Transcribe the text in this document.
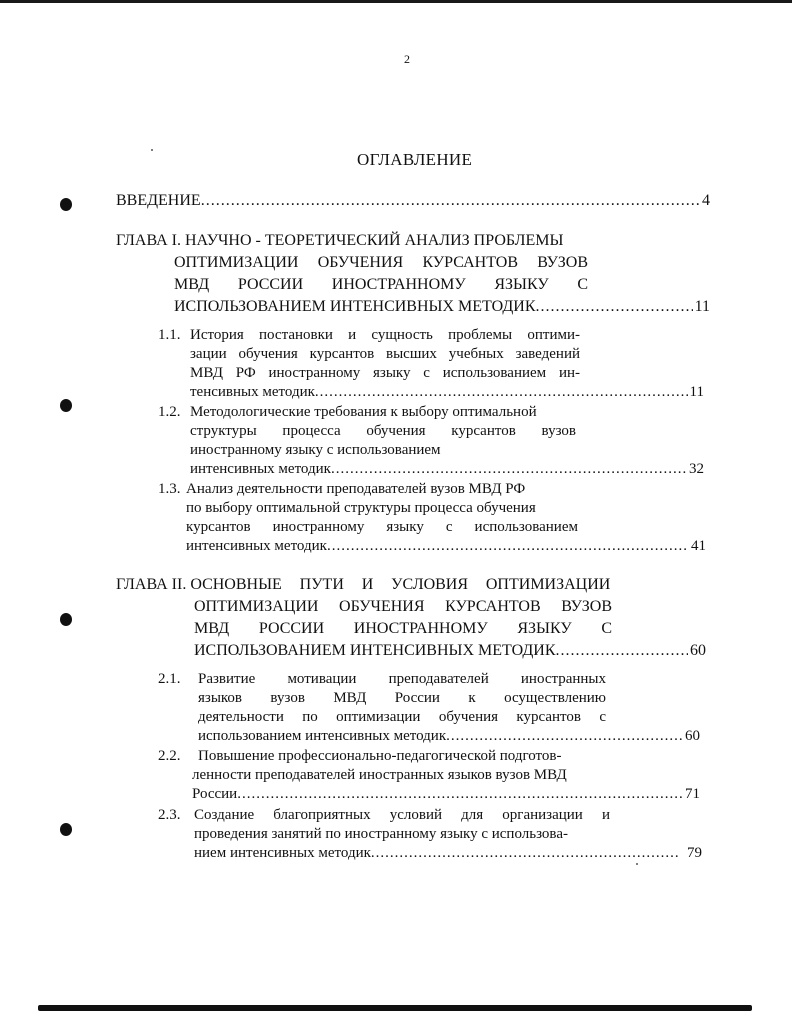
2
ОГЛАВЛЕНИЕ
ВВЕДЕНИЕ .....	4
ГЛАВА I.
НАУЧНО - ТЕОРЕТИЧЕСКИЙ АНАЛИЗ ПРОБЛЕМЫ
ОПТИМИЗАЦИИ ОБУЧЕНИЯ КУРСАНТОВ ВУЗОВ
МВД РОССИИ ИНОСТРАННОМУ ЯЗЫКУ С
ИСПОЛЬЗОВАНИЕМ ИНТЕНСИВНЫХ МЕТОДИК .....	11
1.1. История постановки и сущность проблемы оптими-
зации обучения курсантов высших учебных заведений
МВД РФ иностранному языку с использованием ин-
тенсивных методик .....	11
1.2. Методологические требования к выбору оптимальной
структуры процесса обучения курсантов вузов
иностранному языку с использованием
интенсивных методик .....	32
1.3. Анализ деятельности преподавателей вузов МВД РФ
по выбору оптимальной структуры процесса обучения
курсантов иностранному языку с использованием
интенсивных методик .....	41
ГЛАВА II.
ОСНОВНЫЕ ПУТИ И УСЛОВИЯ ОПТИМИЗАЦИИ
ОПТИМИЗАЦИИ ОБУЧЕНИЯ КУРСАНТОВ ВУЗОВ
МВД РОССИИ ИНОСТРАННОМУ ЯЗЫКУ С
ИСПОЛЬЗОВАНИЕМ ИНТЕНСИВНЫХ МЕТОДИК .....	60
2.1.	Развитие мотивации преподавателей иностранных
языков вузов МВД России к осуществлению
деятельности по оптимизации обучения курсантов с
использованием интенсивных методик .....	60
2.2.	Повышение профессионально-педагогической подготов-
ленности преподавателей иностранных языков вузов МВД
России .....	71
2.3. Создание благоприятных условий для организации и
проведения занятий по иностранному языку с использова-
нием интенсивных методик .....	79
